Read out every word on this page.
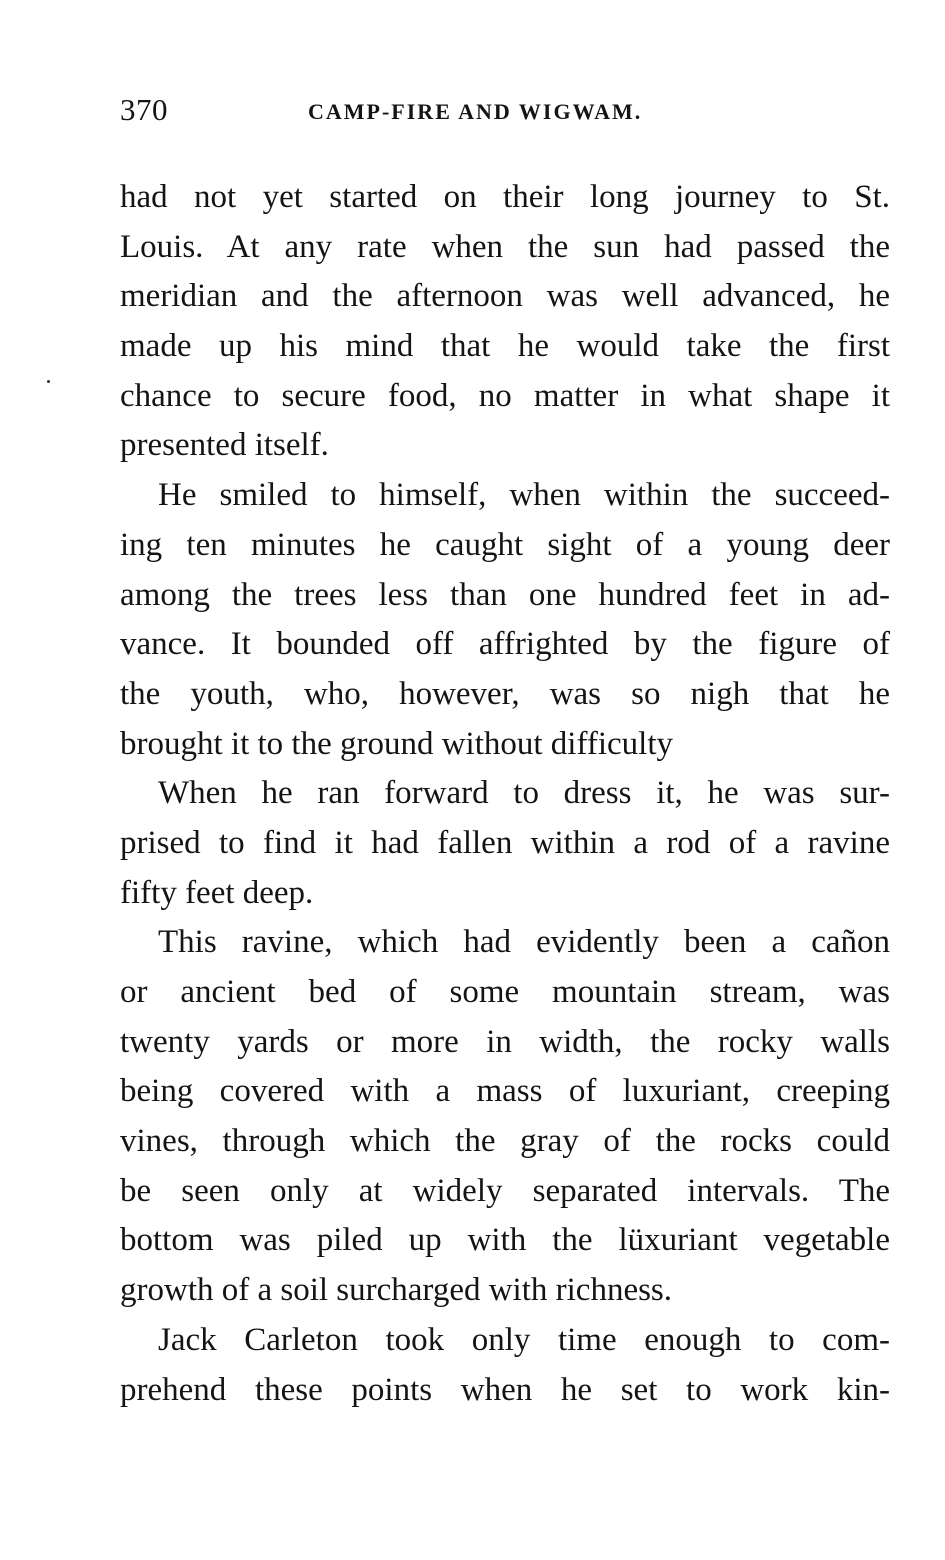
370	CAMP-FIRE AND WIGWAM.
had not yet started on their long journey to St.
Louis. At any rate when the sun had passed the
meridian and the afternoon was well advanced, he
made up his mind that he would take the first
chance to secure food, no matter in what shape it
presented itself.
He smiled to himself, when within the succeed-
ing ten minutes he caught sight of a young deer
among the trees less than one hundred feet in ad-
vance. It bounded off affrighted by the figure of
the youth, who, however, was so nigh that he
brought it to the ground without difficulty
When he ran forward to dress it, he was sur-
prised to find it had fallen within a rod of a ravine
fifty feet deep.
This ravine, which had evidently been a cañon
or ancient bed of some mountain stream, was
twenty yards or more in width, the rocky walls
being covered with a mass of luxuriant, creeping
vines, through which the gray of the rocks could
be seen only at widely separated intervals. The
bottom was piled up with the lüxuriant vegetable
growth of a soil surcharged with richness.
Jack Carleton took only time enough to com-
prehend these points when he set to work kin-
